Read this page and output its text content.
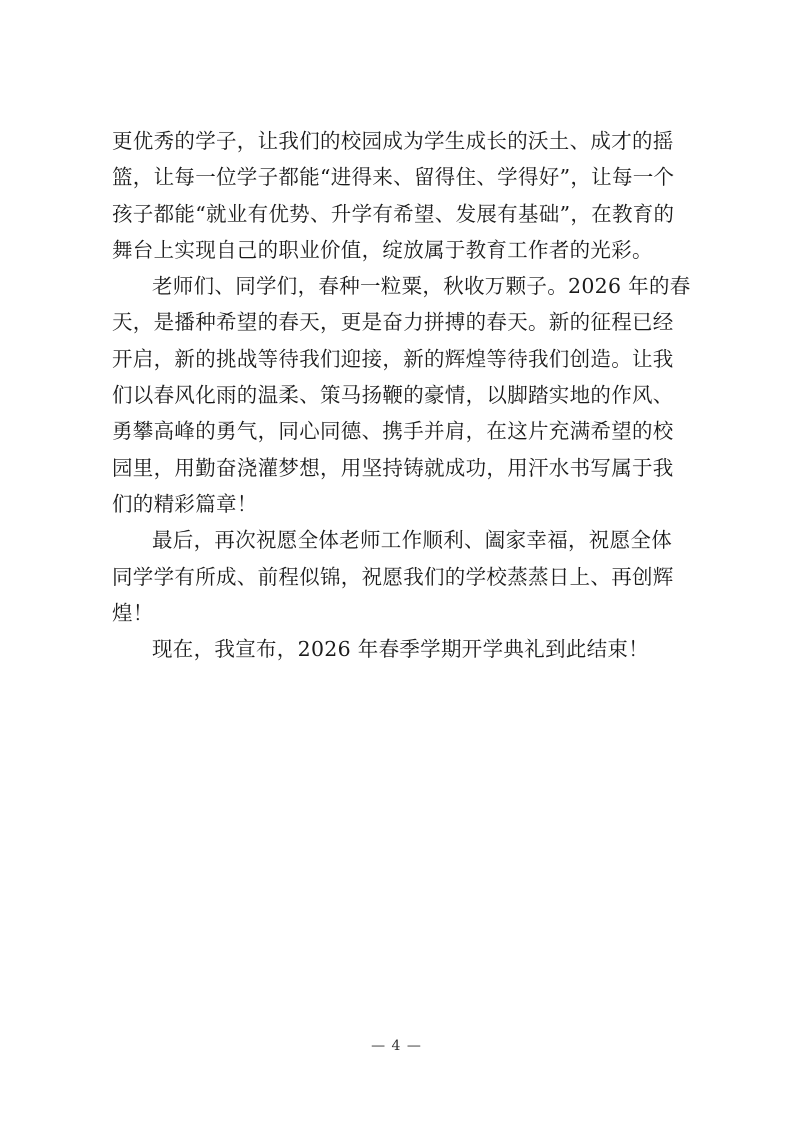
更优秀的学子，让我们的校园成为学生成长的沃土、成才的摇
篮，让每一位学子都能“进得来、留得住、学得好”，让每一个
孩子都能“就业有优势、升学有希望、发展有基础”，在教育的
舞台上实现自己的职业价值，绽放属于教育工作者的光彩。
老师们、同学们，春种一粒粟，秋收万颗子。2026 年的春
天，是播种希望的春天，更是奋力拼搏的春天。新的征程已经
开启，新的挑战等待我们迎接，新的辉煌等待我们创造。让我
们以春风化雨的温柔、策马扬鞭的豪情，以脚踏实地的作风、
勇攀高峰的勇气，同心同德、携手并肩，在这片充满希望的校
园里，用勤奋浇灌梦想，用坚持铸就成功，用汗水书写属于我
们的精彩篇章！
最后，再次祝愿全体老师工作顺利、阖家幸福，祝愿全体
同学学有所成、前程似锦，祝愿我们的学校蒸蒸日上、再创辉
煌！
现在，我宣布，2026 年春季学期开学典礼到此结束！
— 4 —
